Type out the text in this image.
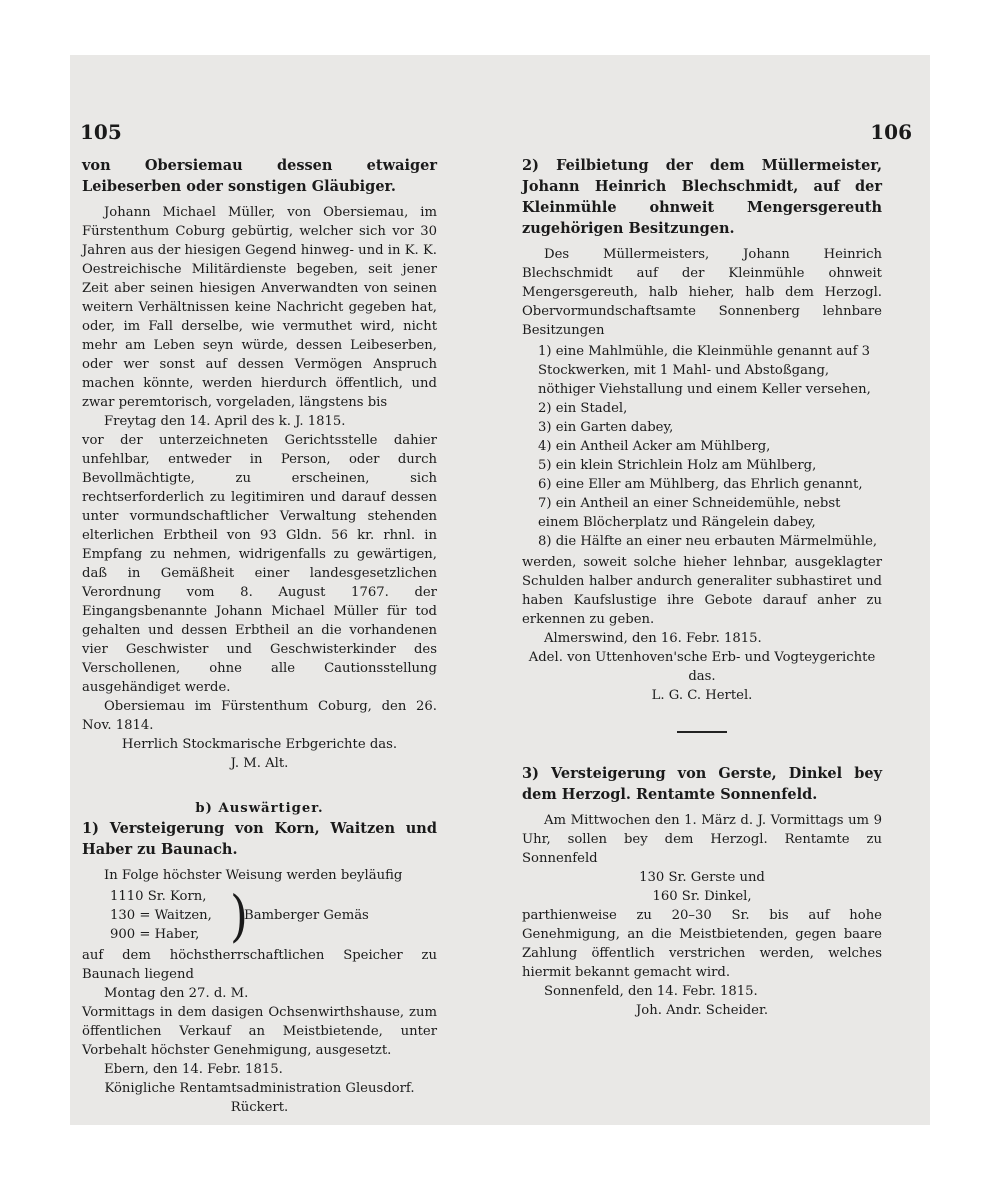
105	106

von Obersiemau dessen etwaiger Leibeserben oder sonstigen Gläubiger.

Johann Michael Müller, von Obersiemau, im Fürstenthum Coburg gebürtig, welcher sich vor 30 Jahren aus der hiesigen Gegend hinweg- und in K. K. Oestreichische Militärdienste begeben, seit jener Zeit aber seinen hiesigen Anverwandten von seinen weitern Verhältnissen keine Nachricht gegeben hat, oder, im Fall derselbe, wie vermuthet wird, nicht mehr am Leben seyn würde, dessen Leibeserben, oder wer sonst auf dessen Vermögen Anspruch machen könnte, werden hierdurch öffentlich, und zwar peremtorisch, vorgeladen, längstens bis

Freytag den 14. April des k. J. 1815.

vor der unterzeichneten Gerichtsstelle dahier unfehlbar, entweder in Person, oder durch Bevollmächtigte, zu erscheinen, sich rechtserforderlich zu legitimiren und darauf dessen unter vormundschaftlicher Verwaltung stehenden elterlichen Erbtheil von 93 Gldn. 56 kr. rhnl. in Empfang zu nehmen, widrigenfalls zu gewärtigen, daß in Gemäßheit einer landesgesetzlichen Verordnung vom 8. August 1767. der Eingangsbenannte Johann Michael Müller für tod gehalten und dessen Erbtheil an die vorhandenen vier Geschwister und Geschwisterkinder des Verschollenen, ohne alle Cautionsstellung ausgehändiget werde.

Obersiemau im Fürstenthum Coburg, den 26. Nov. 1814.

Herrlich Stockmarische Erbgerichte das.

J. M. Alt.

b) Auswärtiger.

1) Versteigerung von Korn, Waitzen und Haber zu Baunach.

In Folge höchster Weisung werden beyläufig

1110 Sr. Korn,
130 = Waitzen,
900 = Haber, )
Bamberger Gemäs

auf dem höchstherrschaftlichen Speicher zu Baunach liegend

Montag den 27. d. M.

Vormittags in dem dasigen Ochsenwirthshause, zum öffentlichen Verkauf an Meistbietende, unter Vorbehalt höchster Genehmigung, ausgesetzt.

Ebern, den 14. Febr. 1815.

Königliche Rentamtsadministration Gleusdorf.

Rückert.

2) Feilbietung der dem Müllermeister, Johann Heinrich Blechschmidt, auf der Kleinmühle ohnweit Mengersgereuth zugehörigen Besitzungen.

Des Müllermeisters, Johann Heinrich Blechschmidt auf der Kleinmühle ohnweit Mengersgereuth, halb hieher, halb dem Herzogl. Obervormundschaftsamte Sonnenberg lehnbare Besitzungen

1) eine Mahlmühle, die Kleinmühle genannt auf 3 Stockwerken, mit 1 Mahl- und Abstoßgang, nöthiger Viehstallung und einem Keller versehen,
2) ein Stadel,
3) ein Garten dabey,
4) ein Antheil Acker am Mühlberg,
5) ein klein Strichlein Holz am Mühlberg,
6) eine Eller am Mühlberg, das Ehrlich genannt,
7) ein Antheil an einer Schneidemühle, nebst einem Blöcherplatz und Rängelein dabey,
8) die Hälfte an einer neu erbauten Märmelmühle,

werden, soweit solche hieher lehnbar, ausgeklagter Schulden halber andurch generaliter subhastiret und haben Kaufslustige ihre Gebote darauf anher zu erkennen zu geben.

Almerswind, den 16. Febr. 1815.

Adel. von Uttenhoven'sche Erb- und Vogteygerichte das.

L. G. C. Hertel.

3) Versteigerung von Gerste, Dinkel bey dem Herzogl. Rentamte Sonnenfeld.

Am Mittwochen den 1. März d. J. Vormittags um 9 Uhr, sollen bey dem Herzogl. Rentamte zu Sonnenfeld

130 Sr. Gerste und

160 Sr. Dinkel,

parthienweise zu 20–30 Sr. bis auf hohe Genehmigung, an die Meistbietenden, gegen baare Zahlung öffentlich verstrichen werden, welches hiermit bekannt gemacht wird.

Sonnenfeld, den 14. Febr. 1815.

Joh. Andr. Scheider.
